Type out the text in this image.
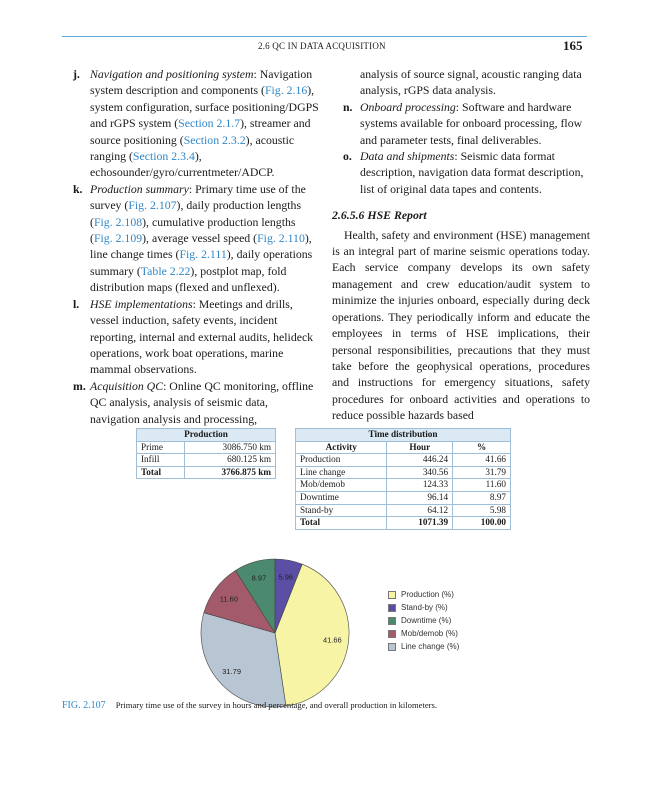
2.6 QC IN DATA ACQUISITION	165
j. Navigation and positioning system: Navigation system description and components (Fig. 2.16), system configuration, surface positioning/DGPS and rGPS system (Section 2.1.7), streamer and source positioning (Section 2.3.2), acoustic ranging (Section 2.3.4), echosounder/gyro/currentmeter/ADCP.
k. Production summary: Primary time use of the survey (Fig. 2.107), daily production lengths (Fig. 2.108), cumulative production lengths (Fig. 2.109), average vessel speed (Fig. 2.110), line change times (Fig. 2.111), daily operations summary (Table 2.22), postplot map, fold distribution maps (flexed and unflexed).
l. HSE implementations: Meetings and drills, vessel induction, safety events, incident reporting, internal and external audits, helideck operations, work boat operations, marine mammal observations.
m. Acquisition QC: Online QC monitoring, offline QC analysis, analysis of seismic data, navigation analysis and processing,
analysis of source signal, acoustic ranging data analysis, rGPS data analysis.
n. Onboard processing: Software and hardware systems available for onboard processing, flow and parameter tests, final deliverables.
o. Data and shipments: Seismic data format description, navigation data format description, list of original data tapes and contents.
2.6.5.6 HSE Report

Health, safety and environment (HSE) management is an integral part of marine seismic operations today. Each service company develops its own safety management and crew education/audit system to minimize the injuries onboard, especially during deck operations. They periodically inform and educate the employees in terms of HSE implications, their personal responsibilities, precautions that they must take before the geophysical operations, procedures and instructions for emergency situations, safety procedures for onboard activities and operations to reduce possible hazards based

Production	
Prime	3086.750 km
Infill	680.125 km
Total	3766.875 km
Time distribution		
Activity	Hour	%
Production	446.24	41.66
Line change	340.56	31.79
Mob/demob	124.33	11.60
Downtime	96.14	8.97
Stand-by	64.12	5.98
Total	1071.39	100.00
41.66
31.79
11.60
8.97 5.96
Production (%)
Stand-by (%)
Downtime (%)
Mob/demob (%)
Line change (%)
FIG. 2.107 Primary time use of the survey in hours and percentage, and overall production in kilometers.
